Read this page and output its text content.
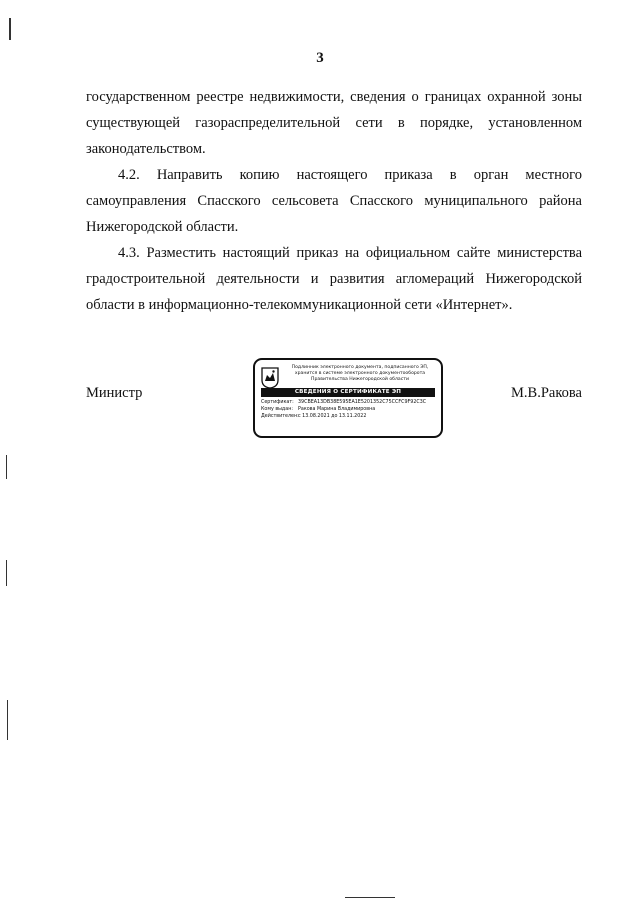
3

государственном реестре недвижимости, сведения о границах охранной зоны существующей газораспределительной сети в порядке, установленном законодательством.

4.2. Направить копию настоящего приказа в орган местного самоуправления Спасского сельсовета Спасского муниципального района Нижегородской области.

4.3. Разместить настоящий приказ на официальном сайте министерства градостроительной деятельности и развития агломераций Нижегородской области в информационно-телекоммуникационной сети «Интернет».

Министр	М.В.Ракова
Подлинник электронного документа, подписанного ЭП, хранится в системе электронного документооборота Правительства Нижегородской области
СВЕДЕНИЯ О СЕРТИФИКАТЕ ЭП
Сертификат: 39CBEA13DB38E595EA1E5201352C75CCFC9F92C3C
Кому выдан: Ракова Марина Владимировна
Действителен:с 13.08.2021 до 13.11.2022
